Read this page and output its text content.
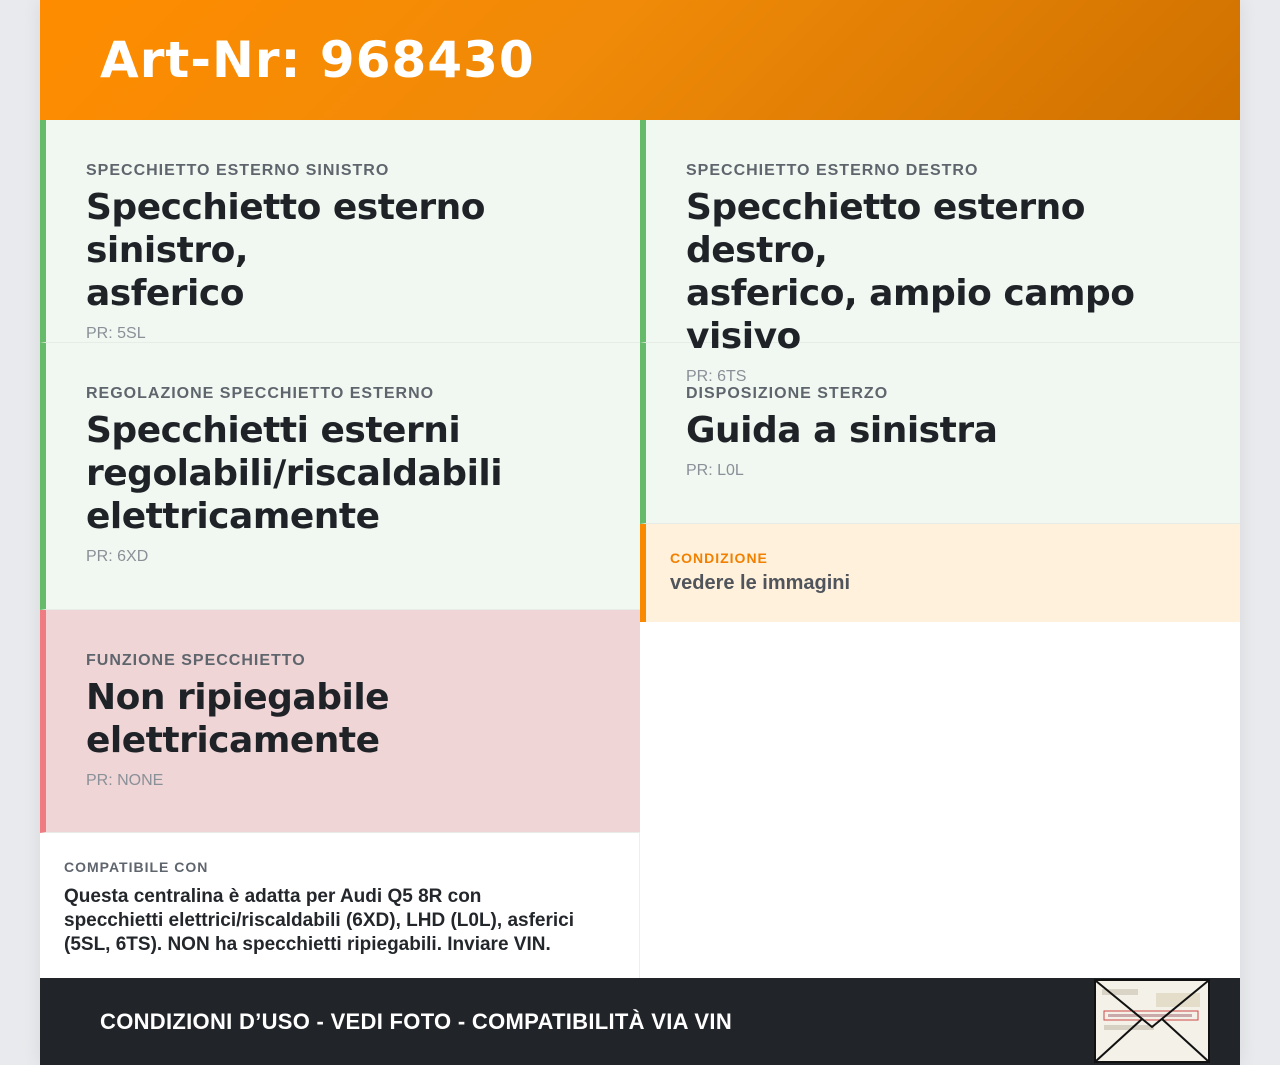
Art-Nr: 968430
SPECCHIETTO ESTERNO SINISTRO
Specchietto esterno sinistro,
asferico
PR: 5SL
REGOLAZIONE SPECCHIETTO ESTERNO
Specchietti esterni
regolabili/riscaldabili
elettricamente
PR: 6XD
FUNZIONE SPECCHIETTO
Non ripiegabile
elettricamente
PR: NONE
COMPATIBILE CON
Questa centralina è adatta per Audi Q5 8R con
specchietti elettrici/riscaldabili (6XD), LHD (L0L), asferici
(5SL, 6TS). NON ha specchietti ripiegabili. Inviare VIN.
SPECCHIETTO ESTERNO DESTRO
Specchietto esterno destro,
asferico, ampio campo visivo
PR: 6TS
DISPOSIZIONE STERZO
Guida a sinistra
PR: L0L
CONDIZIONE
vedere le immagini
CONDIZIONI D’USO - VEDI FOTO - COMPATIBILITÀ VIA VIN
